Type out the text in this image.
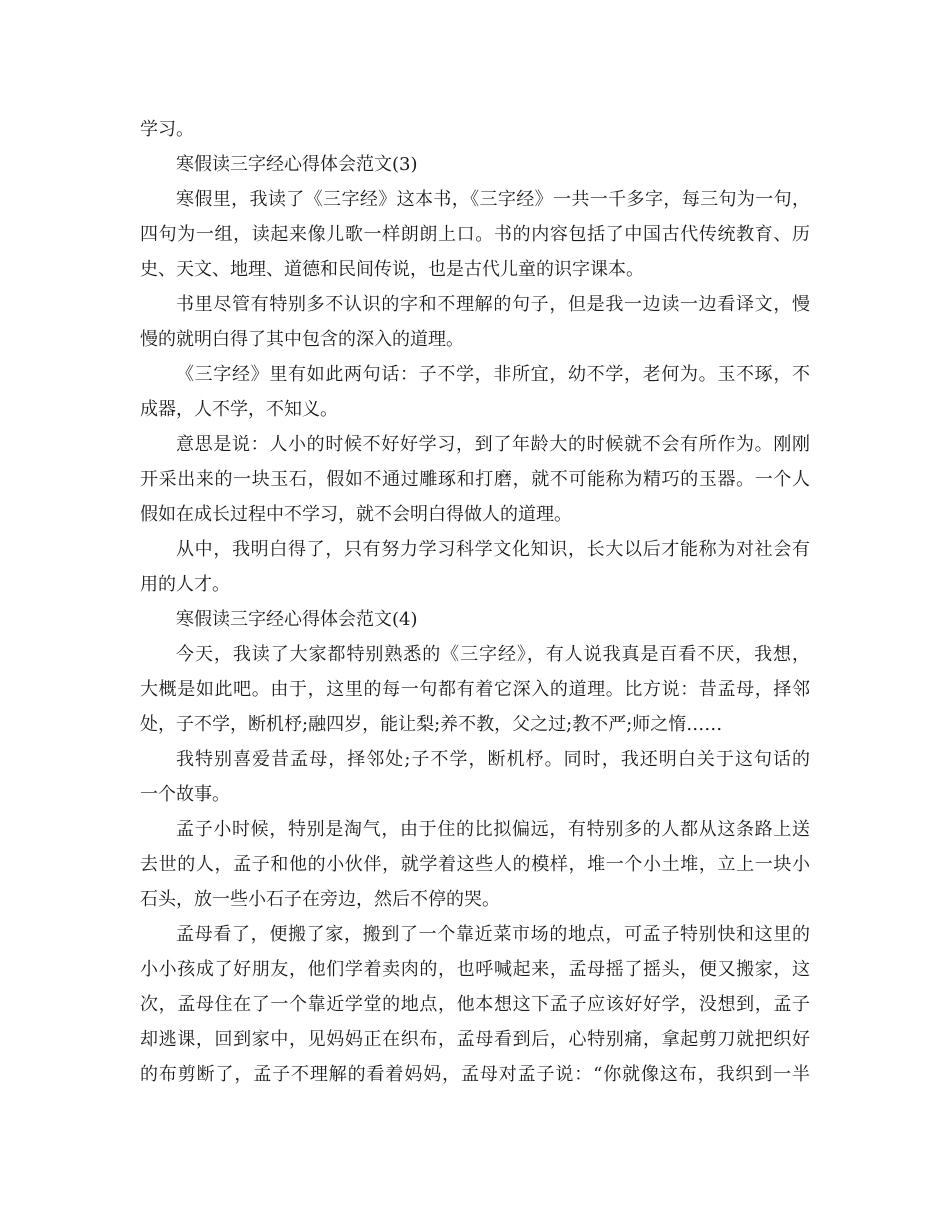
学习。
寒假读三字经心得体会范文(3)
寒假里，我读了《三字经》这本书，《三字经》一共一千多字，每三句为一句，
四句为一组，读起来像儿歌一样朗朗上口。书的内容包括了中国古代传统教育、历
史、天文、地理、道德和民间传说，也是古代儿童的识字课本。
书里尽管有特别多不认识的字和不理解的句子，但是我一边读一边看译文，慢
慢的就明白得了其中包含的深入的道理。
《三字经》里有如此两句话：子不学，非所宜，幼不学，老何为。玉不琢，不
成器，人不学，不知义。
意思是说：人小的时候不好好学习，到了年龄大的时候就不会有所作为。刚刚
开采出来的一块玉石，假如不通过雕琢和打磨，就不可能称为精巧的玉器。一个人
假如在成长过程中不学习，就不会明白得做人的道理。
从中，我明白得了，只有努力学习科学文化知识，长大以后才能称为对社会有
用的人才。
寒假读三字经心得体会范文(4)
今天，我读了大家都特别熟悉的《三字经》，有人说我真是百看不厌，我想，
大概是如此吧。由于，这里的每一句都有着它深入的道理。比方说：昔孟母，择邻
处，子不学，断机杼;融四岁，能让梨;养不教，父之过;教不严;师之惰……
我特别喜爱昔孟母，择邻处;子不学，断机杼。同时，我还明白关于这句话的
一个故事。
孟子小时候，特别是淘气，由于住的比拟偏远，有特别多的人都从这条路上送
去世的人，孟子和他的小伙伴，就学着这些人的模样，堆一个小土堆，立上一块小
石头，放一些小石子在旁边，然后不停的哭。
孟母看了，便搬了家，搬到了一个靠近菜市场的地点，可孟子特别快和这里的
小小孩成了好朋友，他们学着卖肉的，也呼喊起来，孟母摇了摇头，便又搬家，这
次，孟母住在了一个靠近学堂的地点，他本想这下孟子应该好好学，没想到，孟子
却逃课，回到家中，见妈妈正在织布，孟母看到后，心特别痛，拿起剪刀就把织好
的布剪断了，孟子不理解的看着妈妈，孟母对孟子说：“你就像这布，我织到一半
